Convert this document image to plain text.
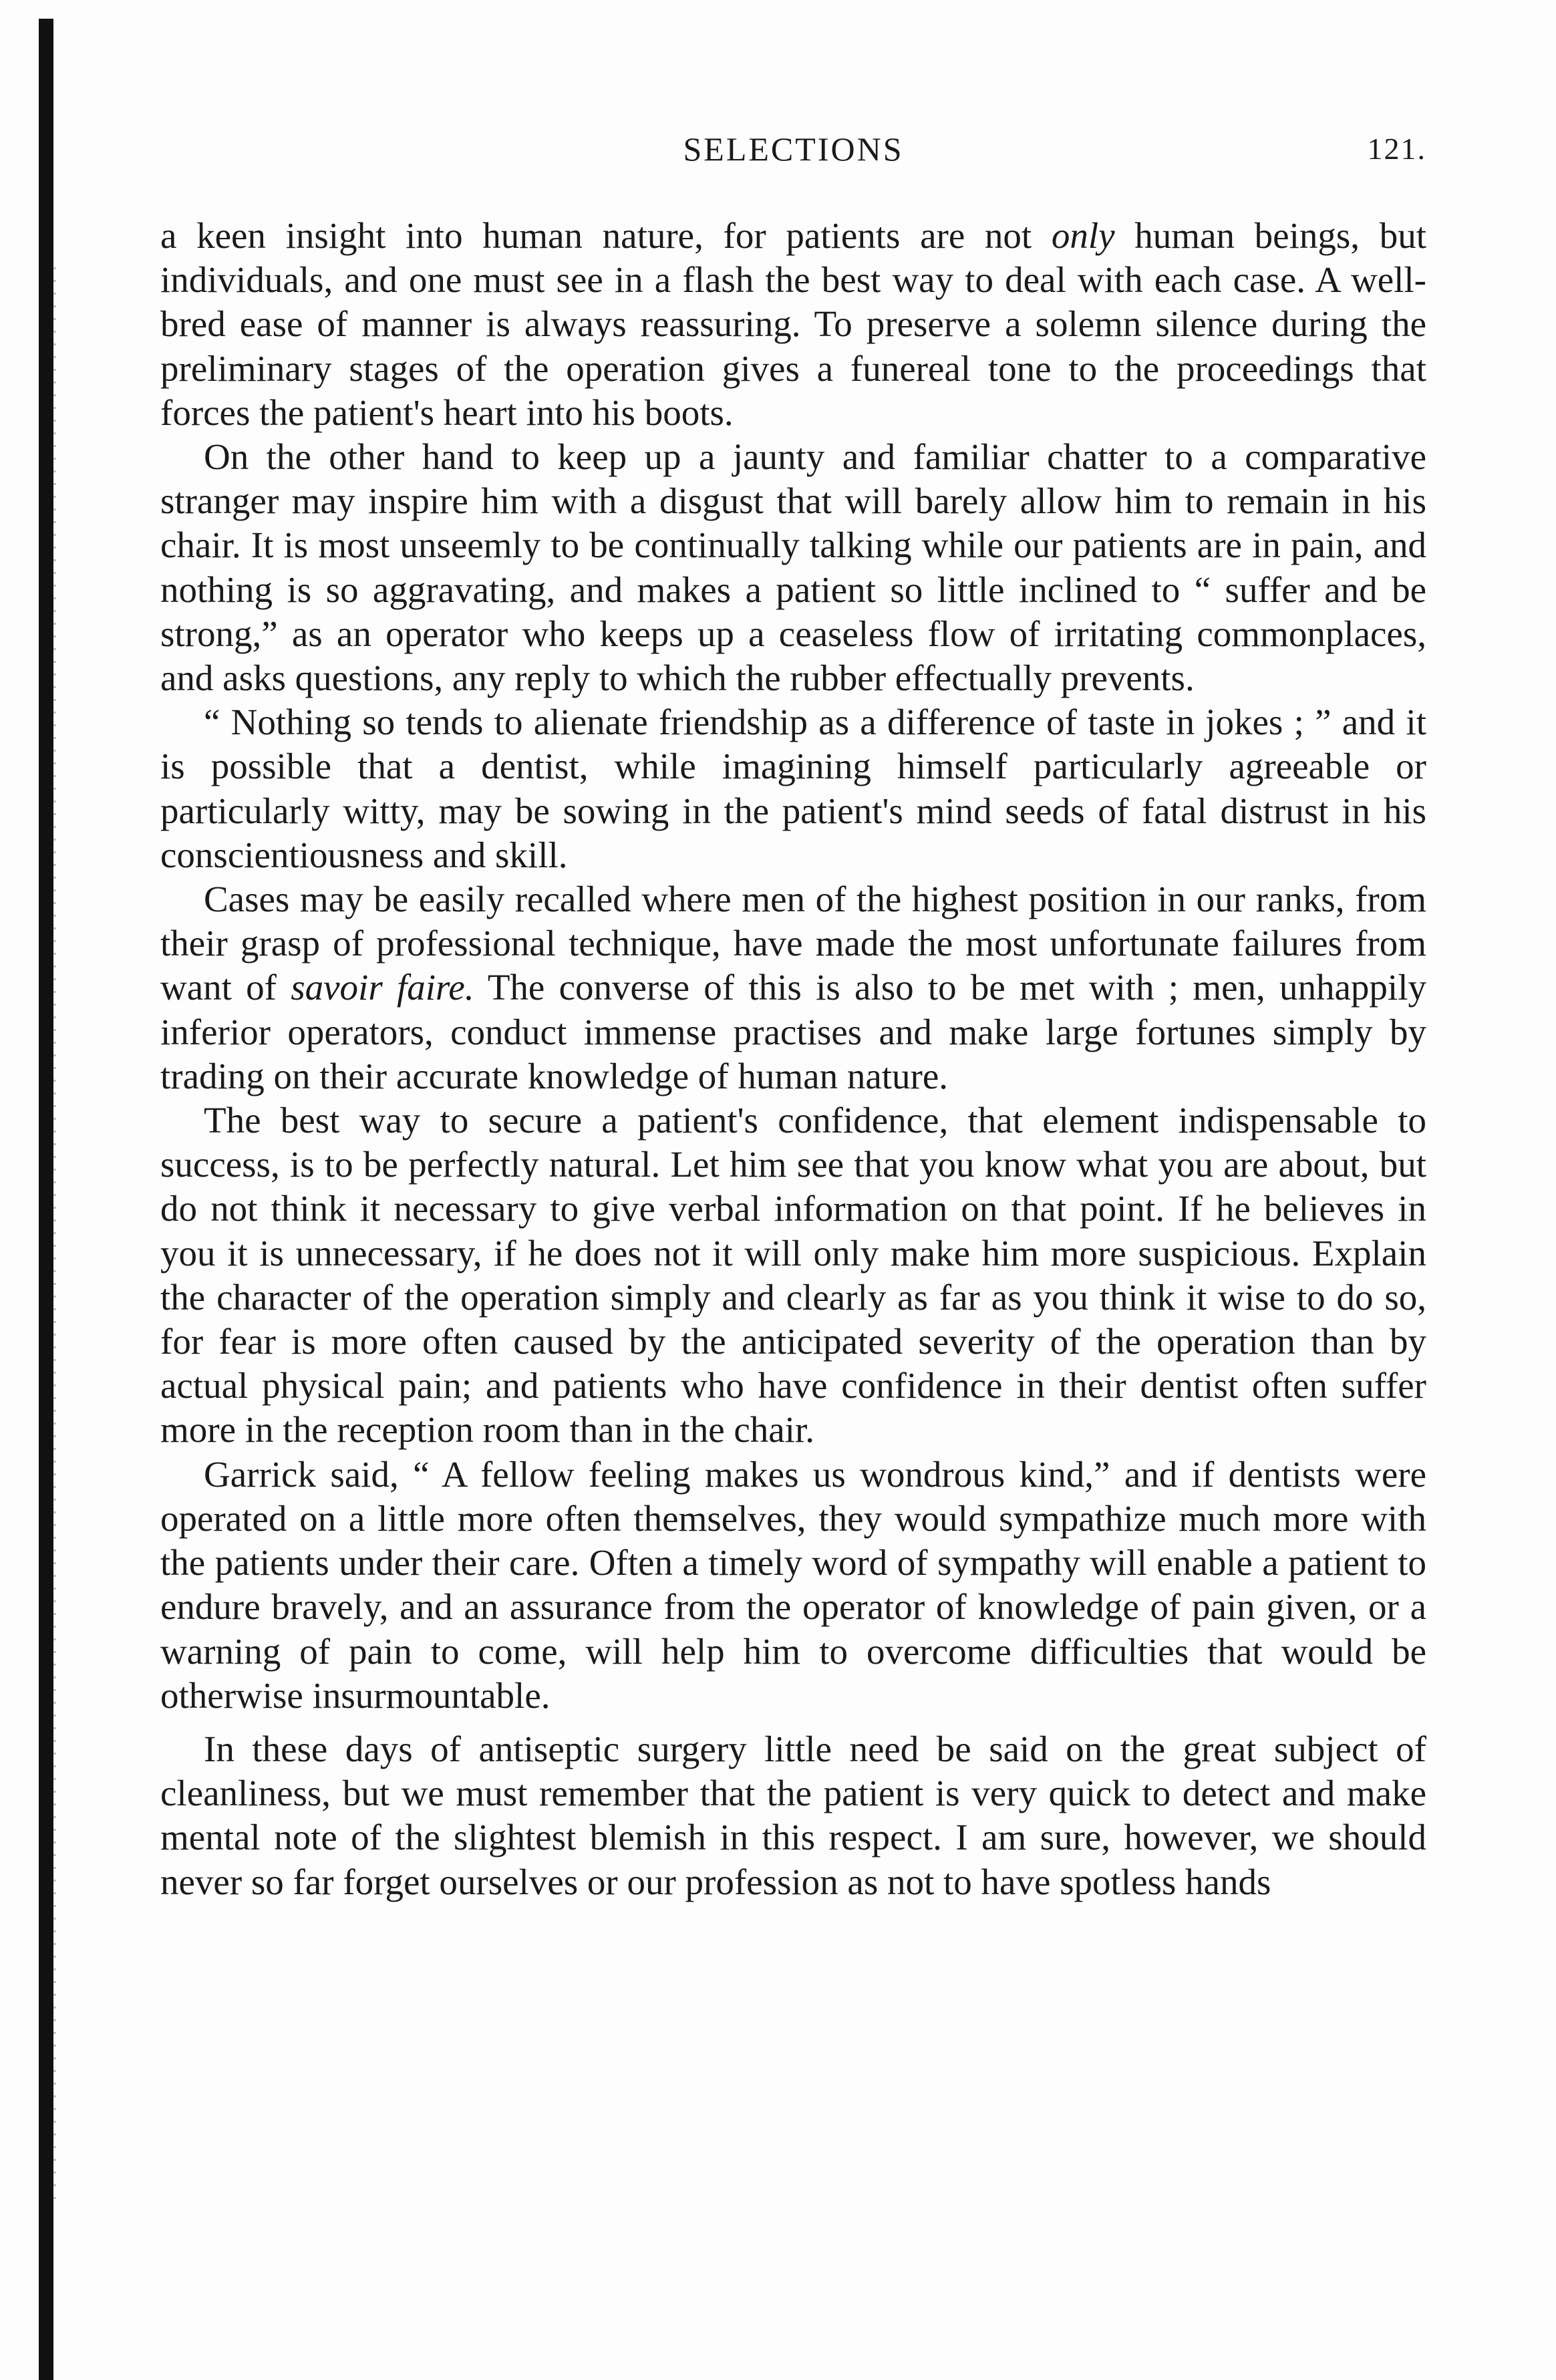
SELECTIONS	121.

a keen insight into human nature, for patients are not only human beings, but individuals, and one must see in a flash the best way to deal with each case. A well-bred ease of manner is always reassuring. To preserve a solemn silence during the preliminary stages of the operation gives a funereal tone to the proceedings that forces the patient's heart into his boots.

On the other hand to keep up a jaunty and familiar chatter to a comparative stranger may inspire him with a disgust that will barely allow him to remain in his chair. It is most unseemly to be continually talking while our patients are in pain, and nothing is so aggravating, and makes a patient so little inclined to “ suffer and be strong,” as an operator who keeps up a ceaseless flow of irritating commonplaces, and asks questions, any reply to which the rubber effectually prevents.

“ Nothing so tends to alienate friendship as a difference of taste in jokes ; ” and it is possible that a dentist, while imagining himself particularly agreeable or particularly witty, may be sowing in the patient's mind seeds of fatal distrust in his conscientiousness and skill.

Cases may be easily recalled where men of the highest position in our ranks, from their grasp of professional technique, have made the most unfortunate failures from want of savoir faire. The converse of this is also to be met with ; men, unhappily inferior operators, conduct immense practises and make large fortunes simply by trading on their accurate knowledge of human nature.

The best way to secure a patient's confidence, that element indispensable to success, is to be perfectly natural. Let him see that you know what you are about, but do not think it necessary to give verbal information on that point. If he believes in you it is unnecessary, if he does not it will only make him more suspicious. Explain the character of the operation simply and clearly as far as you think it wise to do so, for fear is more often caused by the anticipated severity of the operation than by actual physical pain; and patients who have confidence in their dentist often suffer more in the reception room than in the chair.

Garrick said, “ A fellow feeling makes us wondrous kind,” and if dentists were operated on a little more often themselves, they would sympathize much more with the patients under their care. Often a timely word of sympathy will enable a patient to endure bravely, and an assurance from the operator of knowledge of pain given, or a warning of pain to come, will help him to overcome difficulties that would be otherwise insurmountable.

In these days of antiseptic surgery little need be said on the great subject of cleanliness, but we must remember that the patient is very quick to detect and make mental note of the slightest blemish in this respect. I am sure, however, we should never so far forget ourselves or our profession as not to have spotless hands
